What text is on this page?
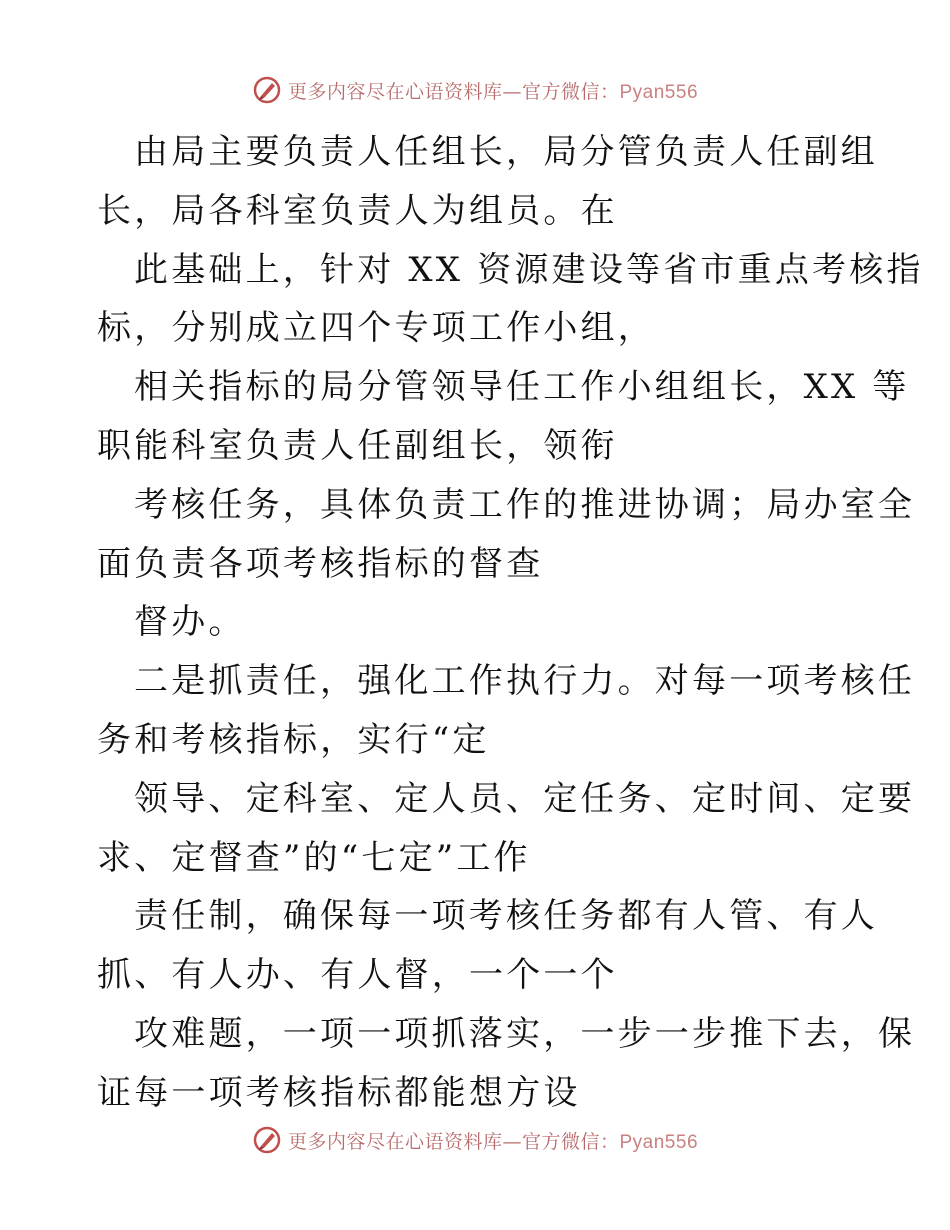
更多内容尽在心语资料库—官方微信：Pyan556
由局主要负责人任组长，局分管负责人任副组
长，局各科室负责人为组员。在
此基础上，针对 XX 资源建设等省市重点考核指
标，分别成立四个专项工作小组，
相关指标的局分管领导任工作小组组长，XX 等
职能科室负责人任副组长，领衔
考核任务，具体负责工作的推进协调；局办室全
面负责各项考核指标的督查
督办。
二是抓责任，强化工作执行力。对每一项考核任
务和考核指标，实行“定
领导、定科室、定人员、定任务、定时间、定要
求、定督查”的“七定”工作
责任制，确保每一项考核任务都有人管、有人
抓、有人办、有人督，一个一个
攻难题，一项一项抓落实，一步一步推下去，保
证每一项考核指标都能想方设
更多内容尽在心语资料库—官方微信：Pyan556
